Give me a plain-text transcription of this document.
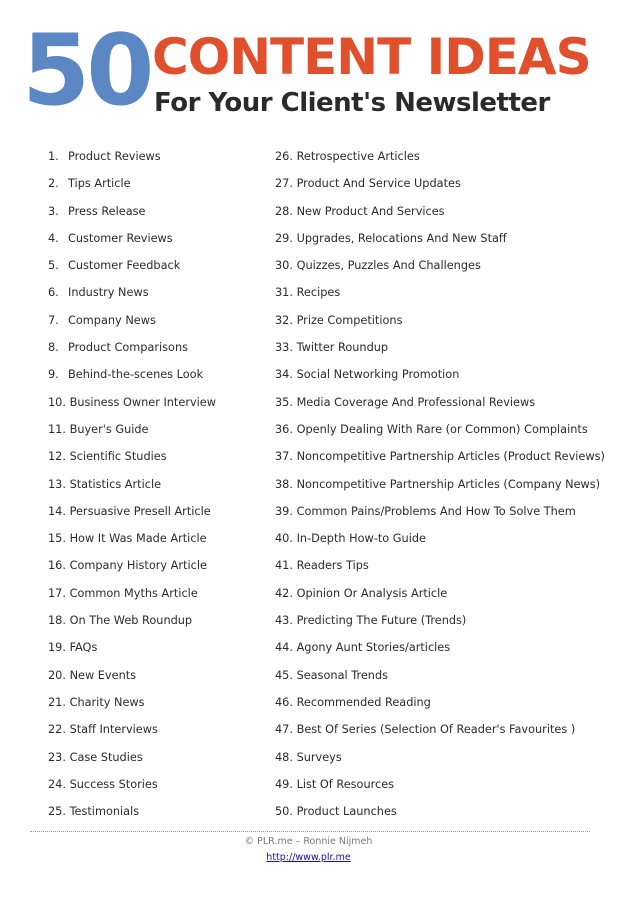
50 CONTENT IDEAS
For Your Client's Newsletter
1. Product Reviews
2. Tips Article
3. Press Release
4. Customer Reviews
5. Customer Feedback
6. Industry News
7. Company News
8. Product Comparisons
9. Behind-the-scenes Look
10. Business Owner Interview
11. Buyer's Guide
12. Scientific Studies
13. Statistics Article
14. Persuasive Presell Article
15. How It Was Made Article
16. Company History Article
17. Common Myths Article
18. On The Web Roundup
19. FAQs
20. New Events
21. Charity News
22. Staff Interviews
23. Case Studies
24. Success Stories
25. Testimonials
26. Retrospective Articles
27. Product And Service Updates
28. New Product And Services
29. Upgrades, Relocations And New Staff
30. Quizzes, Puzzles And Challenges
31. Recipes
32. Prize Competitions
33. Twitter Roundup
34. Social Networking Promotion
35. Media Coverage And Professional Reviews
36. Openly Dealing With Rare (or Common) Complaints
37. Noncompetitive Partnership Articles (Product Reviews)
38. Noncompetitive Partnership Articles (Company News)
39. Common Pains/Problems And How To Solve Them
40. In-Depth How-to Guide
41. Readers Tips
42. Opinion Or Analysis Article
43. Predicting The Future (Trends)
44. Agony Aunt Stories/articles
45. Seasonal Trends
46. Recommended Reading
47. Best Of Series (Selection Of Reader's Favourites )
48. Surveys
49. List Of Resources
50. Product Launches
© PLR.me – Ronnie Nijmeh
http://www.plr.me
